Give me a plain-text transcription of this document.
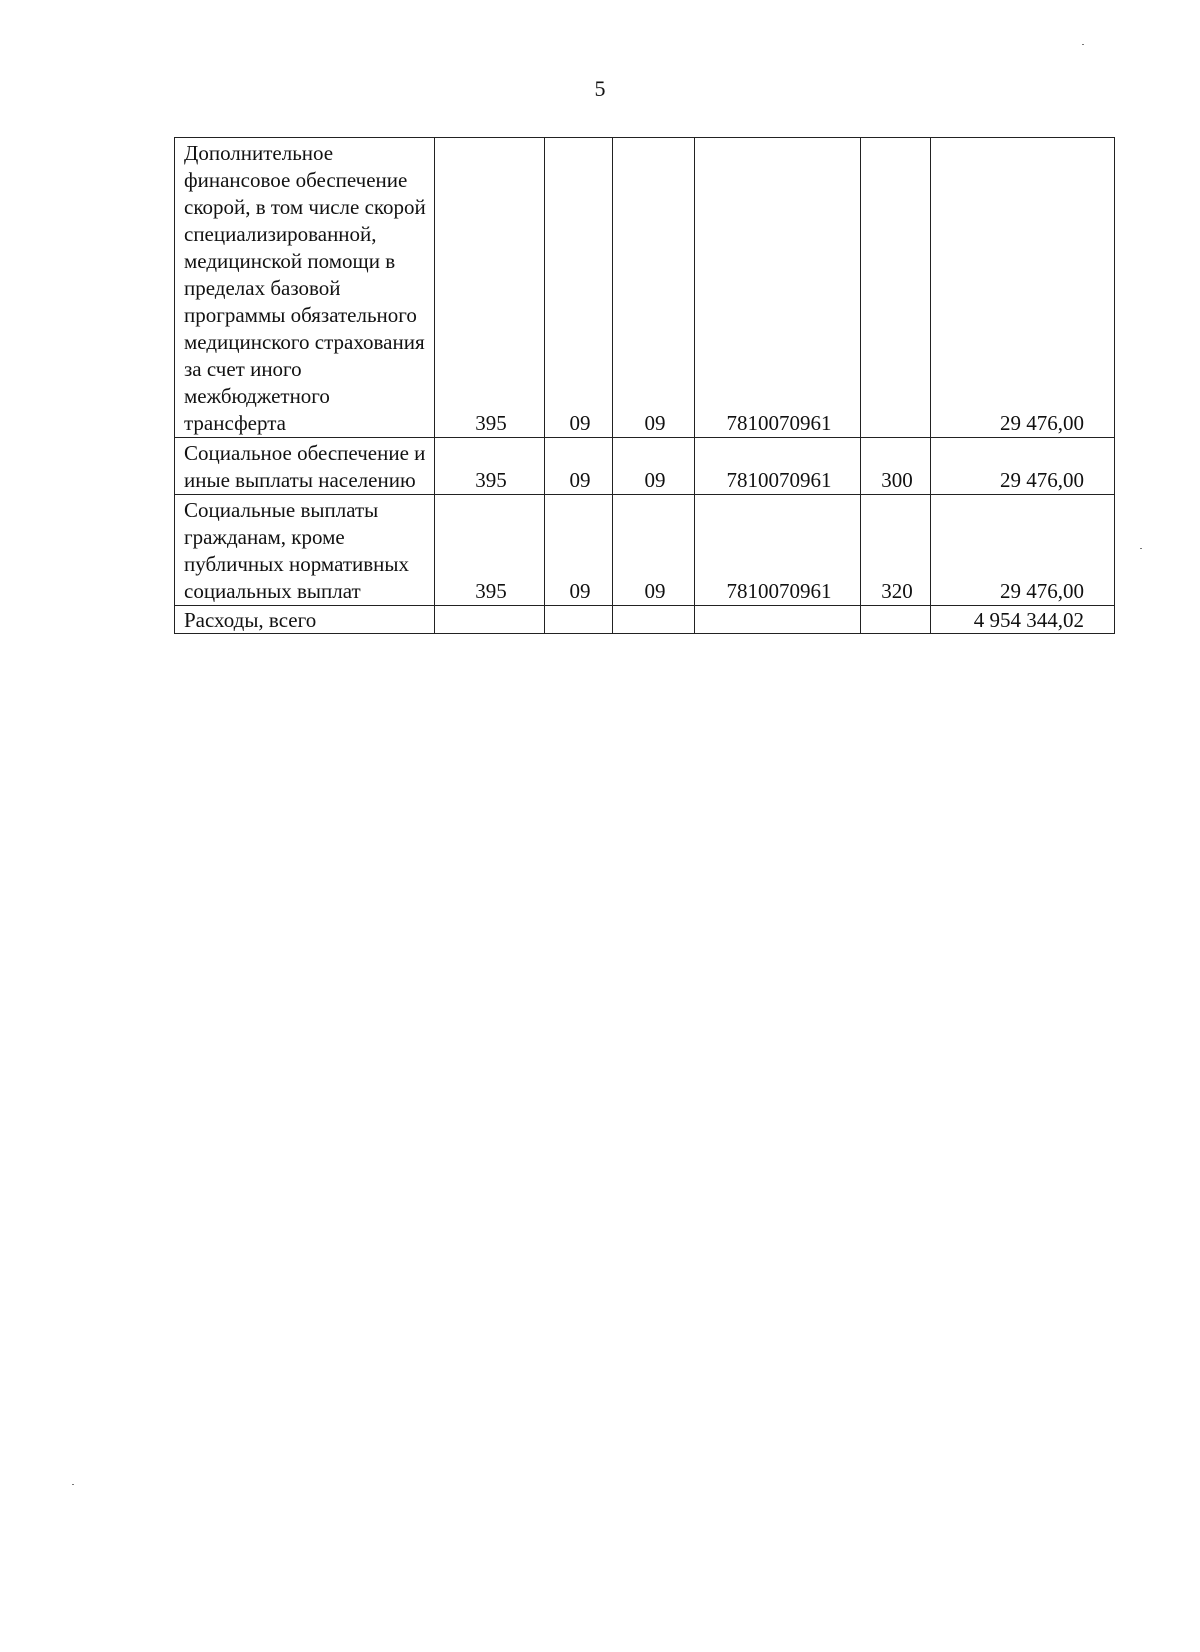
5
Дополнительное финансовое обеспечение скорой, в том числе скорой специализированной, медицинской помощи в пределах базовой программы обязательного медицинского страхования за счет иного межбюджетного трансферта	395	09	09	7810070961		29 476,00
Социальное обеспечение и иные выплаты населению	395	09	09	7810070961	300	29 476,00
Социальные выплаты гражданам, кроме публичных нормативных социальных выплат	395	09	09	7810070961	320	29 476,00
Расходы, всего						4 954 344,02
